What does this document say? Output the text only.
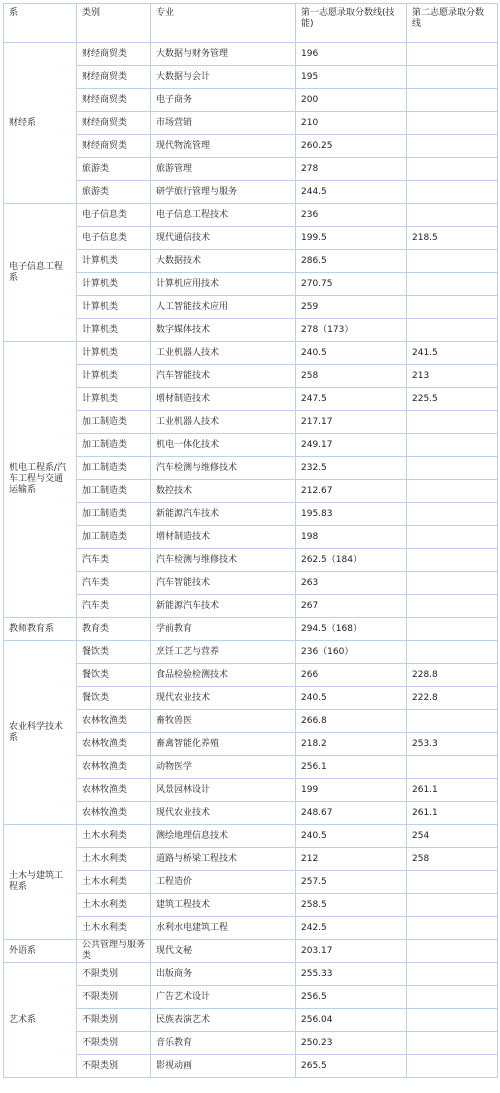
系	类别	专业	第一志愿录取分数线(技能)	第二志愿录取分数线
财经系	财经商贸类	大数据与财务管理	196	
	财经商贸类	大数据与会计	195	
	财经商贸类	电子商务	200	
	财经商贸类	市场营销	210	
	财经商贸类	现代物流管理	260.25	
	旅游类	旅游管理	278	
	旅游类	研学旅行管理与服务	244.5	
电子信息工程系	电子信息类	电子信息工程技术	236	
	电子信息类	现代通信技术	199.5	218.5
	计算机类	大数据技术	286.5	
	计算机类	计算机应用技术	270.75	
	计算机类	人工智能技术应用	259	
	计算机类	数字媒体技术	278（173）	
机电工程系/汽车工程与交通运输系	计算机类	工业机器人技术	240.5	241.5
	计算机类	汽车智能技术	258	213
	计算机类	增材制造技术	247.5	225.5
	加工制造类	工业机器人技术	217.17	
	加工制造类	机电一体化技术	249.17	
	加工制造类	汽车检测与维修技术	232.5	
	加工制造类	数控技术	212.67	
	加工制造类	新能源汽车技术	195.83	
	加工制造类	增材制造技术	198	
	汽车类	汽车检测与维修技术	262.5（184）	
	汽车类	汽车智能技术	263	
	汽车类	新能源汽车技术	267	
教师教育系	教育类	学前教育	294.5（168）	
农业科学技术系	餐饮类	烹饪工艺与营养	236（160）	
	餐饮类	食品检验检测技术	266	228.8
	餐饮类	现代农业技术	240.5	222.8
	农林牧渔类	畜牧兽医	266.8	
	农林牧渔类	畜禽智能化养殖	218.2	253.3
	农林牧渔类	动物医学	256.1	
	农林牧渔类	风景园林设计	199	261.1
	农林牧渔类	现代农业技术	248.67	261.1
土木与建筑工程系	土木水利类	测绘地理信息技术	240.5	254
	土木水利类	道路与桥梁工程技术	212	258
	土木水利类	工程造价	257.5	
	土木水利类	建筑工程技术	258.5	
	土木水利类	水利水电建筑工程	242.5	
外语系	公共管理与服务类	现代文秘	203.17	
艺术系	不限类别	出版商务	255.33	
	不限类别	广告艺术设计	256.5	
	不限类别	民族表演艺术	256.04	
	不限类别	音乐教育	250.23	
	不限类别	影视动画	265.5	
